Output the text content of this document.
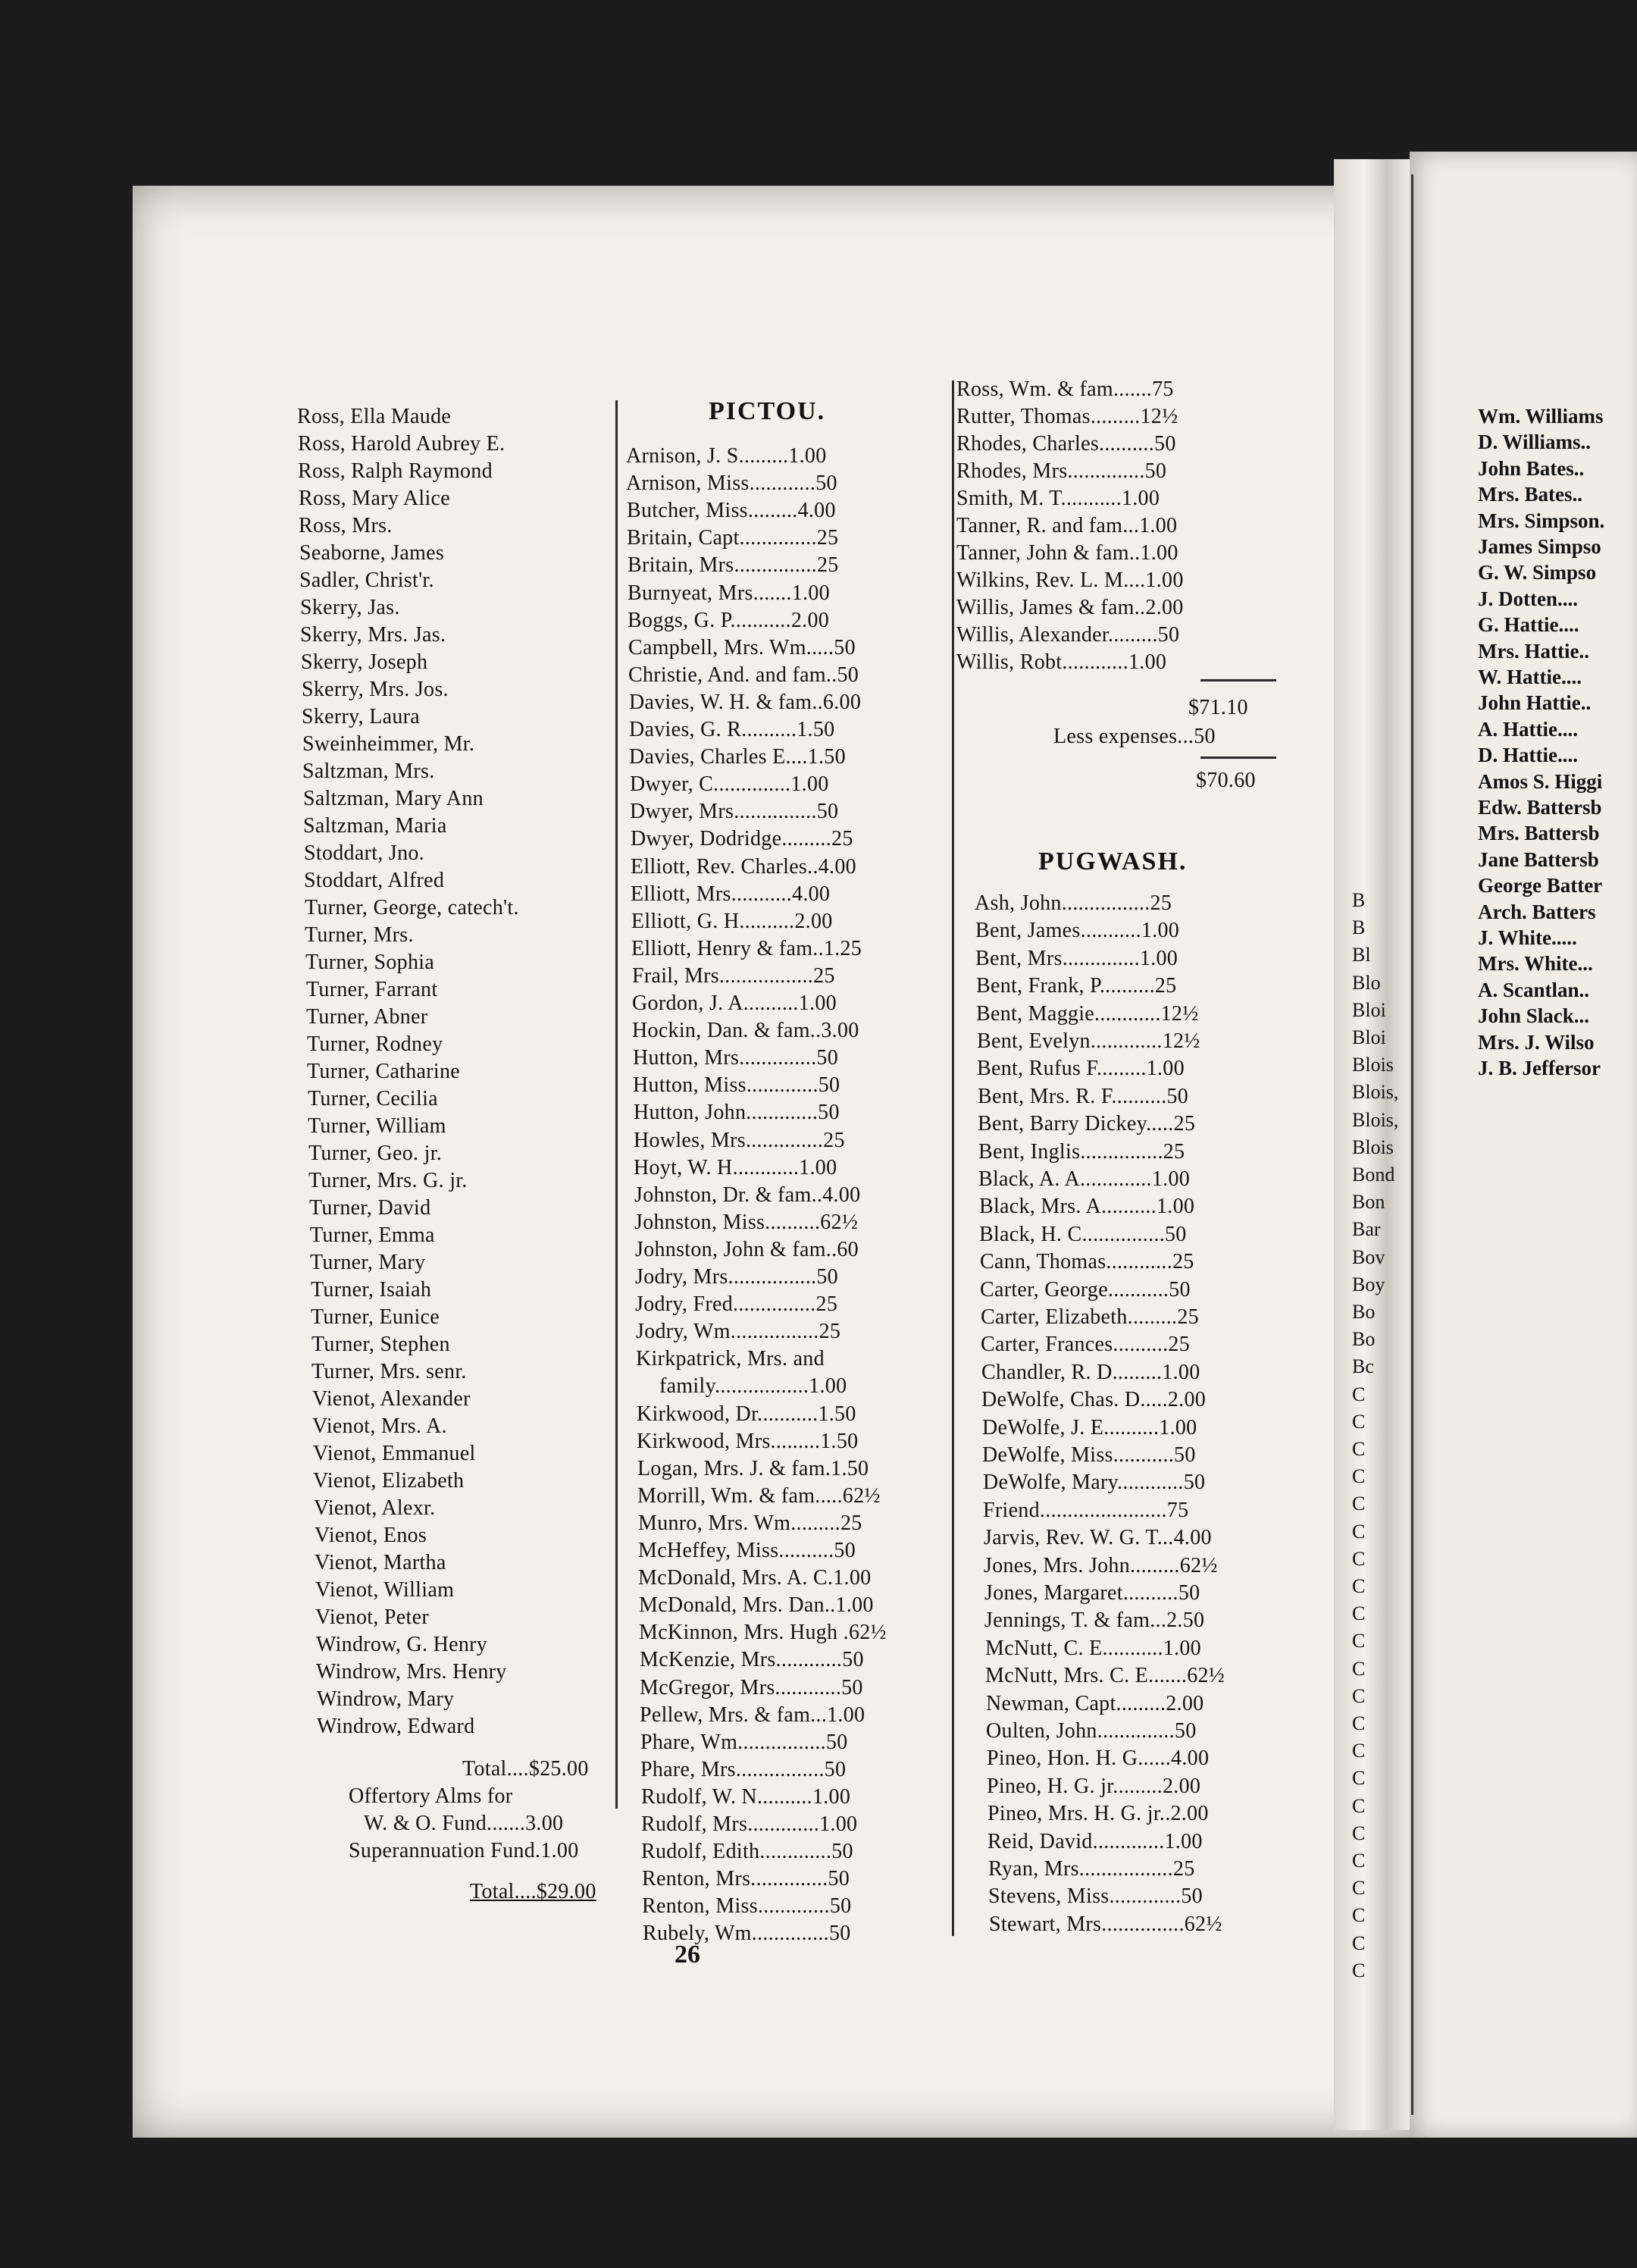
Ross, Ella Maude
Ross, Harold Aubrey E.
Ross, Ralph Raymond
Ross, Mary Alice
Ross, Mrs.
Seaborne, James
Sadler, Christ'r.
Skerry, Jas.
Skerry, Mrs. Jas.
Skerry, Joseph
Skerry, Mrs. Jos.
Skerry, Laura
Sweinheimmer, Mr.
Saltzman, Mrs.
Saltzman, Mary Ann
Saltzman, Maria
Stoddart, Jno.
Stoddart, Alfred
Turner, George, catech't.
Turner, Mrs.
Turner, Sophia
Turner, Farrant
Turner, Abner
Turner, Rodney
Turner, Catharine
Turner, Cecilia
Turner, William
Turner, Geo. jr.
Turner, Mrs. G. jr.
Turner, David
Turner, Emma
Turner, Mary
Turner, Isaiah
Turner, Eunice
Turner, Stephen
Turner, Mrs. senr.
Vienot, Alexander
Vienot, Mrs. A.
Vienot, Emmanuel
Vienot, Elizabeth
Vienot, Alexr.
Vienot, Enos
Vienot, Martha
Vienot, William
Vienot, Peter
Windrow, G. Henry
Windrow, Mrs. Henry
Windrow, Mary
Windrow, Edward
Total....$25.00
Offertory Alms for
W. & O. Fund.......3.00
Superannuation Fund.1.00
Total....$29.00
PICTOU.
Arnison, J. S.........1.00
Arnison, Miss............50
Butcher, Miss.........4.00
Britain, Capt..............25
Britain, Mrs...............25
Burnyeat, Mrs.......1.00
Boggs, G. P...........2.00
Campbell, Mrs. Wm.....50
Christie, And. and fam..50
Davies, W. H. & fam..6.00
Davies, G. R..........1.50
Davies, Charles E....1.50
Dwyer, C..............1.00
Dwyer, Mrs...............50
Dwyer, Dodridge.........25
Elliott, Rev. Charles..4.00
Elliott, Mrs...........4.00
Elliott, G. H..........2.00
Elliott, Henry & fam..1.25
Frail, Mrs.................25
Gordon, J. A..........1.00
Hockin, Dan. & fam..3.00
Hutton, Mrs..............50
Hutton, Miss.............50
Hutton, John.............50
Howles, Mrs..............25
Hoyt, W. H............1.00
Johnston, Dr. & fam..4.00
Johnston, Miss..........62½
Johnston, John & fam..60
Jodry, Mrs................50
Jodry, Fred...............25
Jodry, Wm................25
Kirkpatrick, Mrs. and
family.................1.00
Kirkwood, Dr...........1.50
Kirkwood, Mrs.........1.50
Logan, Mrs. J. & fam.1.50
Morrill, Wm. & fam.....62½
Munro, Mrs. Wm.........25
McHeffey, Miss..........50
McDonald, Mrs. A. C.1.00
McDonald, Mrs. Dan..1.00
McKinnon, Mrs. Hugh .62½
McKenzie, Mrs............50
McGregor, Mrs............50
Pellew, Mrs. & fam...1.00
Phare, Wm................50
Phare, Mrs................50
Rudolf, W. N..........1.00
Rudolf, Mrs.............1.00
Rudolf, Edith.............50
Renton, Mrs..............50
Renton, Miss.............50
Rubely, Wm..............50
Ross, Wm. & fam.......75
Rutter, Thomas.........12½
Rhodes, Charles..........50
Rhodes, Mrs..............50
Smith, M. T...........1.00
Tanner, R. and fam...1.00
Tanner, John & fam..1.00
Wilkins, Rev. L. M....1.00
Willis, James & fam..2.00
Willis, Alexander.........50
Willis, Robt............1.00
$71.10
Less expenses...50
$70.60
PUGWASH.
Ash, John................25
Bent, James...........1.00
Bent, Mrs..............1.00
Bent, Frank, P..........25
Bent, Maggie............12½
Bent, Evelyn.............12½
Bent, Rufus F.........1.00
Bent, Mrs. R. F..........50
Bent, Barry Dickey.....25
Bent, Inglis...............25
Black, A. A.............1.00
Black, Mrs. A..........1.00
Black, H. C...............50
Cann, Thomas............25
Carter, George...........50
Carter, Elizabeth.........25
Carter, Frances..........25
Chandler, R. D.........1.00
DeWolfe, Chas. D.....2.00
DeWolfe, J. E..........1.00
DeWolfe, Miss...........50
DeWolfe, Mary............50
Friend.......................75
Jarvis, Rev. W. G. T...4.00
Jones, Mrs. John.........62½
Jones, Margaret..........50
Jennings, T. & fam...2.50
McNutt, C. E...........1.00
McNutt, Mrs. C. E.......62½
Newman, Capt.........2.00
Oulten, John..............50
Pineo, Hon. H. G......4.00
Pineo, H. G. jr.........2.00
Pineo, Mrs. H. G. jr..2.00
Reid, David.............1.00
Ryan, Mrs.................25
Stevens, Miss.............50
Stewart, Mrs...............62½
26
B
B
Bl
Blo
Bloi
Bloi
Blois
Blois,
Blois,
Blois
Bond
Bon
Bar
Bov
Boy
Bo
Bo
Bc
C
C
C
C
C
C
C
C
C
C
C
C
C
C
C
C
C
C
C
C
C
C
Wm. Williams
D. Williams..
John Bates..
Mrs. Bates..
Mrs. Simpson.
James Simpso
G. W. Simpso
J. Dotten....
G. Hattie....
Mrs. Hattie..
W. Hattie....
John Hattie..
A. Hattie....
D. Hattie....
Amos S. Higgi
Edw. Battersb
Mrs. Battersb
Jane Battersb
George Batter
Arch. Batters
J. White.....
Mrs. White...
A. Scantlan..
John Slack...
Mrs. J. Wilso
J. B. Jeffersor
